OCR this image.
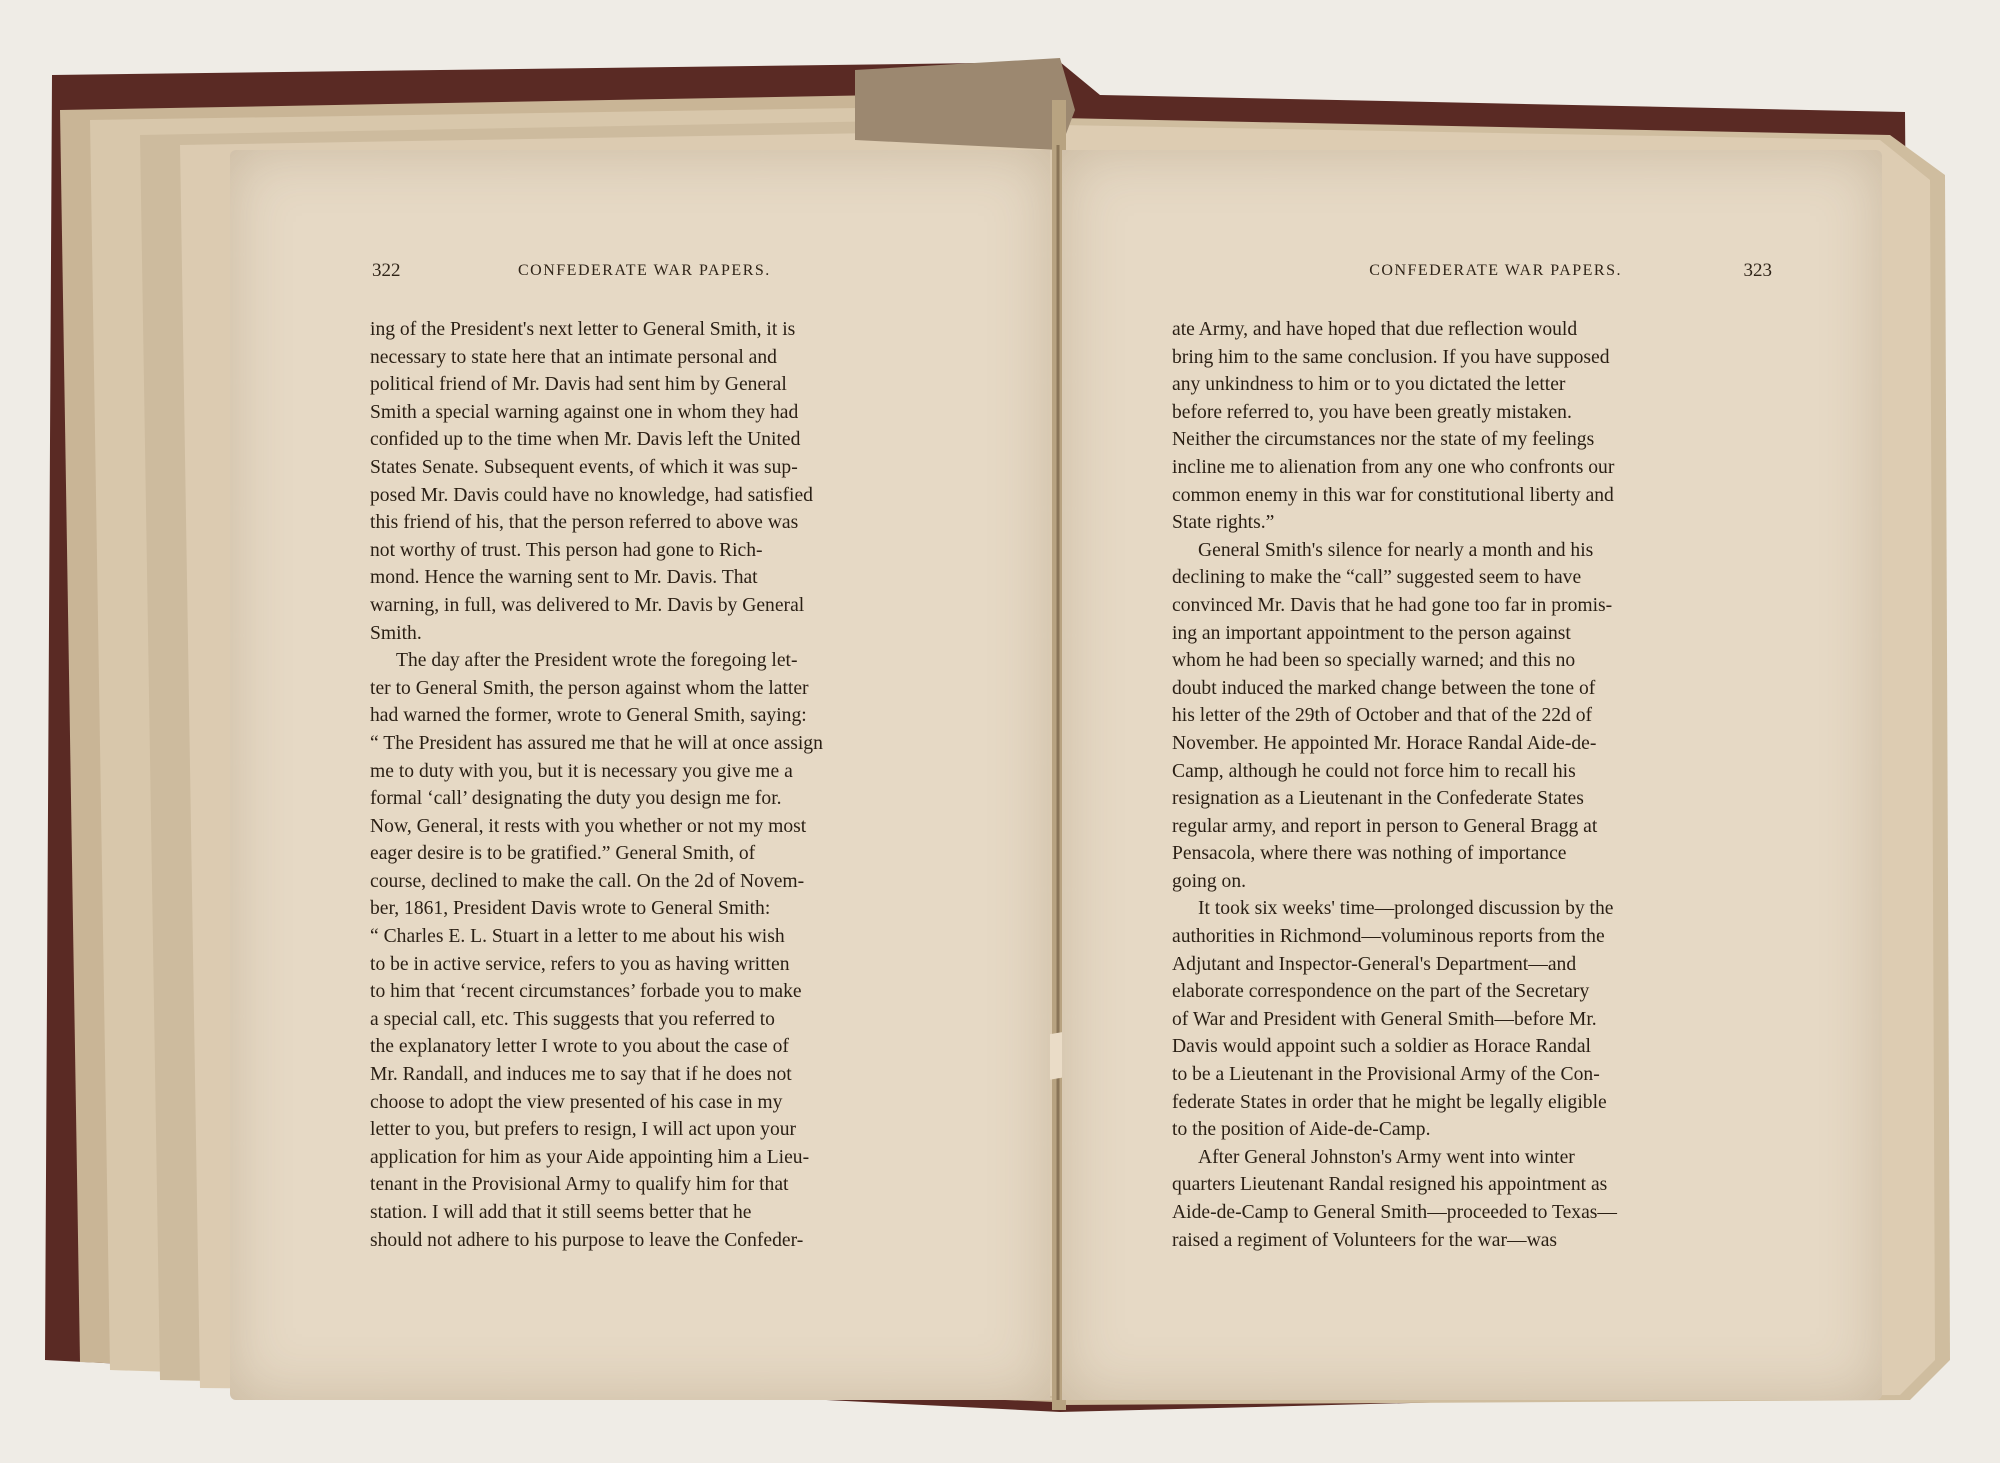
322	CONFEDERATE WAR PAPERS.
ing of the President's next letter to General Smith, it is
necessary to state here that an intimate personal and
political friend of Mr. Davis had sent him by General
Smith a special warning against one in whom they had
confided up to the time when Mr. Davis left the United
States Senate. Subsequent events, of which it was sup-
posed Mr. Davis could have no knowledge, had satisfied
this friend of his, that the person referred to above was
not worthy of trust. This person had gone to Rich-
mond. Hence the warning sent to Mr. Davis. That
warning, in full, was delivered to Mr. Davis by General
Smith.
The day after the President wrote the foregoing let-
ter to General Smith, the person against whom the latter
had warned the former, wrote to General Smith, saying:
“ The President has assured me that he will at once assign
me to duty with you, but it is necessary you give me a
formal ‘call’ designating the duty you design me for.
Now, General, it rests with you whether or not my most
eager desire is to be gratified.” General Smith, of
course, declined to make the call. On the 2d of Novem-
ber, 1861, President Davis wrote to General Smith:
“ Charles E. L. Stuart in a letter to me about his wish
to be in active service, refers to you as having written
to him that ‘recent circumstances’ forbade you to make
a special call, etc. This suggests that you referred to
the explanatory letter I wrote to you about the case of
Mr. Randall, and induces me to say that if he does not
choose to adopt the view presented of his case in my
letter to you, but prefers to resign, I will act upon your
application for him as your Aide appointing him a Lieu-
tenant in the Provisional Army to qualify him for that
station. I will add that it still seems better that he
should not adhere to his purpose to leave the Confeder-
CONFEDERATE WAR PAPERS.	323
ate Army, and have hoped that due reflection would
bring him to the same conclusion. If you have supposed
any unkindness to him or to you dictated the letter
before referred to, you have been greatly mistaken.
Neither the circumstances nor the state of my feelings
incline me to alienation from any one who confronts our
common enemy in this war for constitutional liberty and
State rights.”
General Smith's silence for nearly a month and his
declining to make the “call” suggested seem to have
convinced Mr. Davis that he had gone too far in promis-
ing an important appointment to the person against
whom he had been so specially warned; and this no
doubt induced the marked change between the tone of
his letter of the 29th of October and that of the 22d of
November. He appointed Mr. Horace Randal Aide-de-
Camp, although he could not force him to recall his
resignation as a Lieutenant in the Confederate States
regular army, and report in person to General Bragg at
Pensacola, where there was nothing of importance
going on.
It took six weeks' time—prolonged discussion by the
authorities in Richmond—voluminous reports from the
Adjutant and Inspector-General's Department—and
elaborate correspondence on the part of the Secretary
of War and President with General Smith—before Mr.
Davis would appoint such a soldier as Horace Randal
to be a Lieutenant in the Provisional Army of the Con-
federate States in order that he might be legally eligible
to the position of Aide-de-Camp.
After General Johnston's Army went into winter
quarters Lieutenant Randal resigned his appointment as
Aide-de-Camp to General Smith—proceeded to Texas—
raised a regiment of Volunteers for the war—was
